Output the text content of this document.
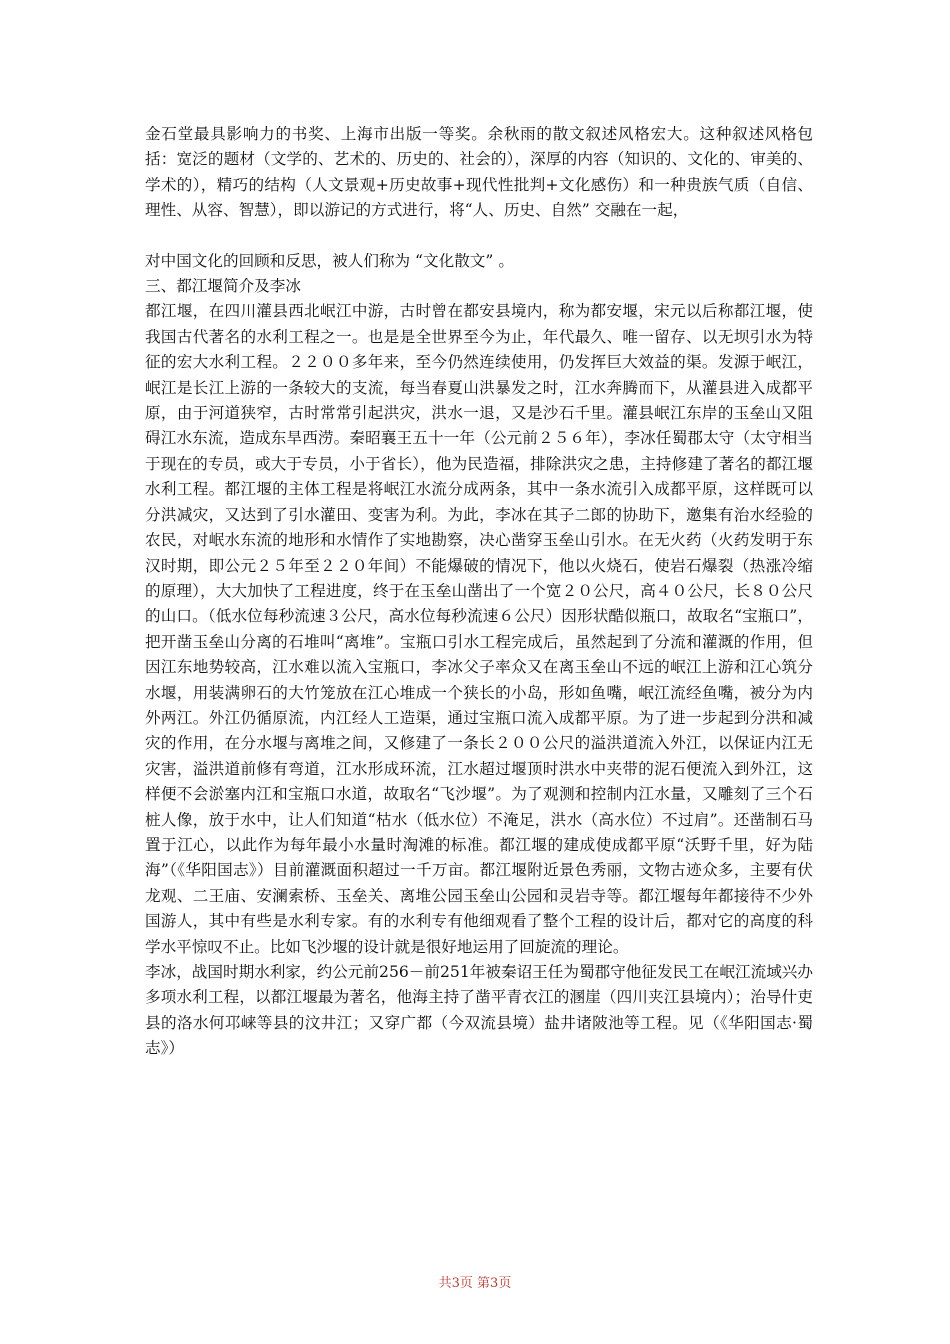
金石堂最具影响力的书奖、上海市出版一等奖。余秋雨的散文叙述风格宏大。这种叙述风格包括：宽泛的题材（文学的、艺术的、历史的、社会的），深厚的内容（知识的、文化的、审美的、学术的），精巧的结构（人文景观+历史故事+现代性批判+文化感伤）和一种贵族气质（自信、理性、从容、智慧），即以游记的方式进行，将“人、历史、自然” 交融在一起，

对中国文化的回顾和反思，被人们称为 “文化散文” 。

三、都江堰简介及李冰

都江堰，在四川灌县西北岷江中游，古时曾在都安县境内，称为都安堰，宋元以后称都江堰，使我国古代著名的水利工程之一。也是是全世界至今为止，年代最久、唯一留存、以无坝引水为特征的宏大水利工程。２２００多年来，至今仍然连续使用，仍发挥巨大效益的渠。发源于岷江，岷江是长江上游的一条较大的支流，每当春夏山洪暴发之时，江水奔腾而下，从灌县进入成都平原，由于河道狭窄，古时常常引起洪灾，洪水一退，又是沙石千里。灌县岷江东岸的玉垒山又阻碍江水东流，造成东旱西涝。秦昭襄王五十一年（公元前２５６年），李冰任蜀郡太守（太守相当于现在的专员，或大于专员，小于省长），他为民造福，排除洪灾之患，主持修建了著名的都江堰水利工程。都江堰的主体工程是将岷江水流分成两条，其中一条水流引入成都平原，这样既可以分洪减灾，又达到了引水灌田、变害为利。为此，李冰在其子二郎的协助下，邀集有治水经验的农民，对岷水东流的地形和水情作了实地勘察，决心凿穿玉垒山引水。在无火药（火药发明于东汉时期，即公元２５年至２２０年间）不能爆破的情况下，他以火烧石，使岩石爆裂（热涨冷缩的原理），大大加快了工程进度，终于在玉垒山凿出了一个宽２０公尺，高４０公尺，长８０公尺的山口。（低水位每秒流速３公尺，高水位每秒流速６公尺）因形状酷似瓶口，故取名“宝瓶口”，把开凿玉垒山分离的石堆叫“离堆”。宝瓶口引水工程完成后，虽然起到了分流和灌溉的作用，但因江东地势较高，江水难以流入宝瓶口，李冰父子率众又在离玉垒山不远的岷江上游和江心筑分水堰，用装满卵石的大竹笼放在江心堆成一个狭长的小岛，形如鱼嘴，岷江流经鱼嘴，被分为内外两江。外江仍循原流，内江经人工造渠，通过宝瓶口流入成都平原。为了进一步起到分洪和减灾的作用，在分水堰与离堆之间，又修建了一条长２００公尺的溢洪道流入外江，以保证内江无灾害，溢洪道前修有弯道，江水形成环流，江水超过堰顶时洪水中夹带的泥石便流入到外江，这样便不会淤塞内江和宝瓶口水道，故取名“飞沙堰”。为了观测和控制内江水量，又雕刻了三个石桩人像，放于水中，让人们知道“枯水（低水位）不淹足，洪水（高水位）不过肩”。还凿制石马置于江心，以此作为每年最小水量时淘滩的标准。都江堰的建成使成都平原“沃野千里，好为陆海”（《华阳国志》）目前灌溉面积超过一千万亩。都江堰附近景色秀丽，文物古迹众多，主要有伏龙观、二王庙、安澜索桥、玉垒关、离堆公园玉垒山公园和灵岩寺等。都江堰每年都接待不少外国游人，其中有些是水利专家。有的水利专有他细观看了整个工程的设计后，都对它的高度的科学水平惊叹不止。比如飞沙堰的设计就是很好地运用了回旋流的理论。

李冰，战国时期水利家，约公元前256－前251年被秦诏王任为蜀郡守他征发民工在岷江流域兴办多项水利工程，以都江堰最为著名，他海主持了凿平青衣江的溷崖（四川夹江县境内）；治导什吏县的洛水何邛崃等县的汶井江；又穿广都（今双流县境）盐井诸陂池等工程。见（《华阳国志·蜀志》）

共3页 第3页
